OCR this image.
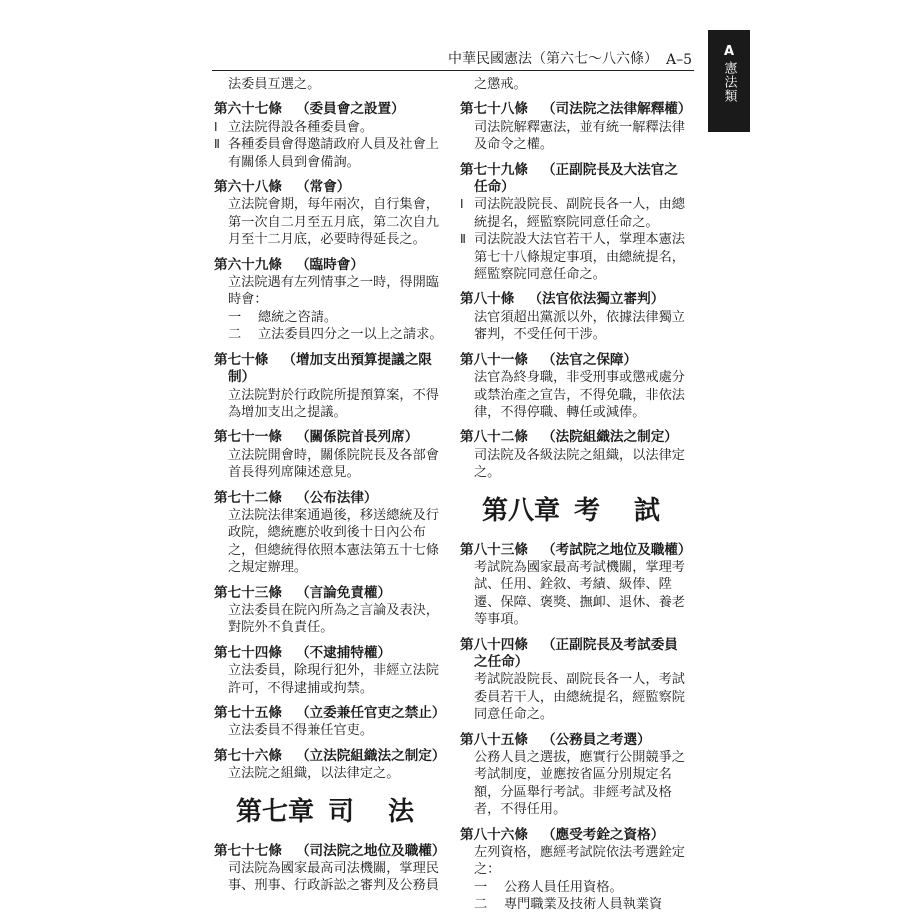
中華民國憲法（第六七～八六條） A–5
A
憲法類
法委員互選之。
第六十七條 （委員會之設置）
Ⅰ 立法院得設各種委員會。
Ⅱ 各種委員會得邀請政府人員及社會上有關係人員到會備詢。
第六十八條 （常會）
立法院會期，每年兩次，自行集會，第一次自二月至五月底，第二次自九月至十二月底，必要時得延長之。
第六十九條 （臨時會）
立法院遇有左列情事之一時，得開臨時會：
一	總統之咨請。
二	立法委員四分之一以上之請求。
第七十條 （增加支出預算提議之限
制）
立法院對於行政院所提預算案，不得為增加支出之提議。
第七十一條 （關係院首長列席）
立法院開會時，關係院院長及各部會首長得列席陳述意見。
第七十二條 （公布法律）
立法院法律案通過後，移送總統及行政院，總統應於收到後十日內公布之，但總統得依照本憲法第五十七條之規定辦理。
第七十三條 （言論免責權）
立法委員在院內所為之言論及表決，對院外不負責任。
第七十四條 （不逮捕特權）
立法委員，除現行犯外，非經立法院許可，不得逮捕或拘禁。
第七十五條 （立委兼任官吏之禁止）
立法委員不得兼任官吏。
第七十六條 （立法院組織法之制定）
立法院之組織，以法律定之。
第七章 司　法
第七十七條 （司法院之地位及職權）
司法院為國家最高司法機關，掌理民事、刑事、行政訴訟之審判及公務員
之懲戒。
第七十八條 （司法院之法律解釋權）
司法院解釋憲法，並有統一解釋法律及命令之權。
第七十九條 （正副院長及大法官之
任命）
Ⅰ 司法院設院長、副院長各一人，由總統提名，經監察院同意任命之。
Ⅱ 司法院設大法官若干人，掌理本憲法第七十八條規定事項，由總統提名，經監察院同意任命之。
第八十條 （法官依法獨立審判）
法官須超出黨派以外，依據法律獨立審判，不受任何干涉。
第八十一條 （法官之保障）
法官為終身職，非受刑事或懲戒處分或禁治產之宣告，不得免職，非依法律，不得停職、轉任或減俸。
第八十二條 （法院組織法之制定）
司法院及各級法院之組織，以法律定之。
第八章 考　試
第八十三條 （考試院之地位及職權）
考試院為國家最高考試機關，掌理考試、任用、銓敘、考績、級俸、陞遷、保障、褒獎、撫卹、退休、養老等事項。
第八十四條 （正副院長及考試委員
之任命）
考試院設院長、副院長各一人，考試委員若干人，由總統提名，經監察院同意任命之。
第八十五條 （公務員之考選）
公務人員之選拔，應實行公開競爭之考試制度，並應按省區分別規定名額，分區舉行考試。非經考試及格者，不得任用。
第八十六條 （應受考銓之資格）
左列資格，應經考試院依法考選銓定之：
一	公務人員任用資格。
二	專門職業及技術人員執業資
